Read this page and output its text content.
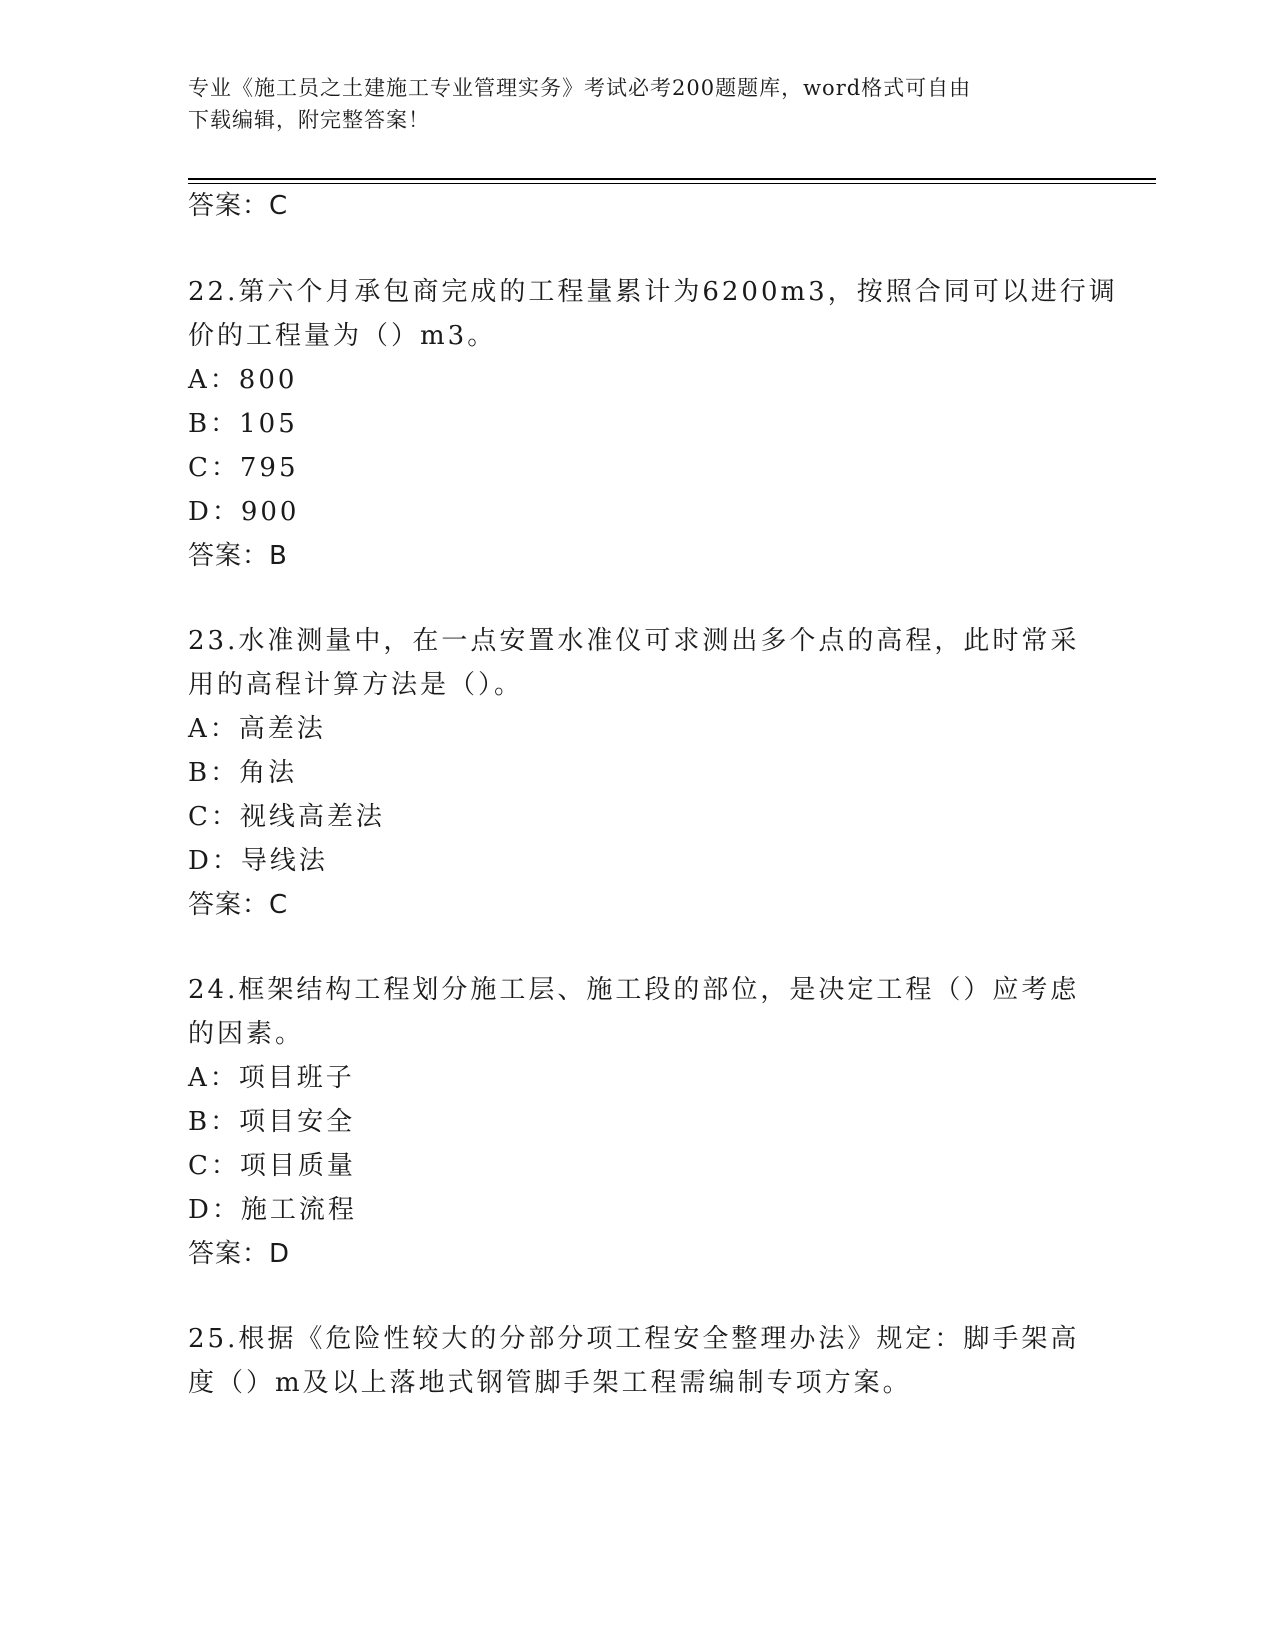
专业《施工员之土建施工专业管理实务》考试必考200题题库，word格式可自由
下载编辑，附完整答案！
答案：C
22.第六个月承包商完成的工程量累计为6200m3，按照合同可以进行调
价的工程量为（）m3。
A：800
B：105
C：795
D：900
答案：B
23.水准测量中，在一点安置水准仪可求测出多个点的高程，此时常采
用的高程计算方法是（）。
A：高差法
B：角法
C：视线高差法
D：导线法
答案：C
24.框架结构工程划分施工层、施工段的部位，是决定工程（）应考虑
的因素。
A：项目班子
B：项目安全
C：项目质量
D：施工流程
答案：D
25.根据《危险性较大的分部分项工程安全整理办法》规定：脚手架高
度（）m及以上落地式钢管脚手架工程需编制专项方案。
